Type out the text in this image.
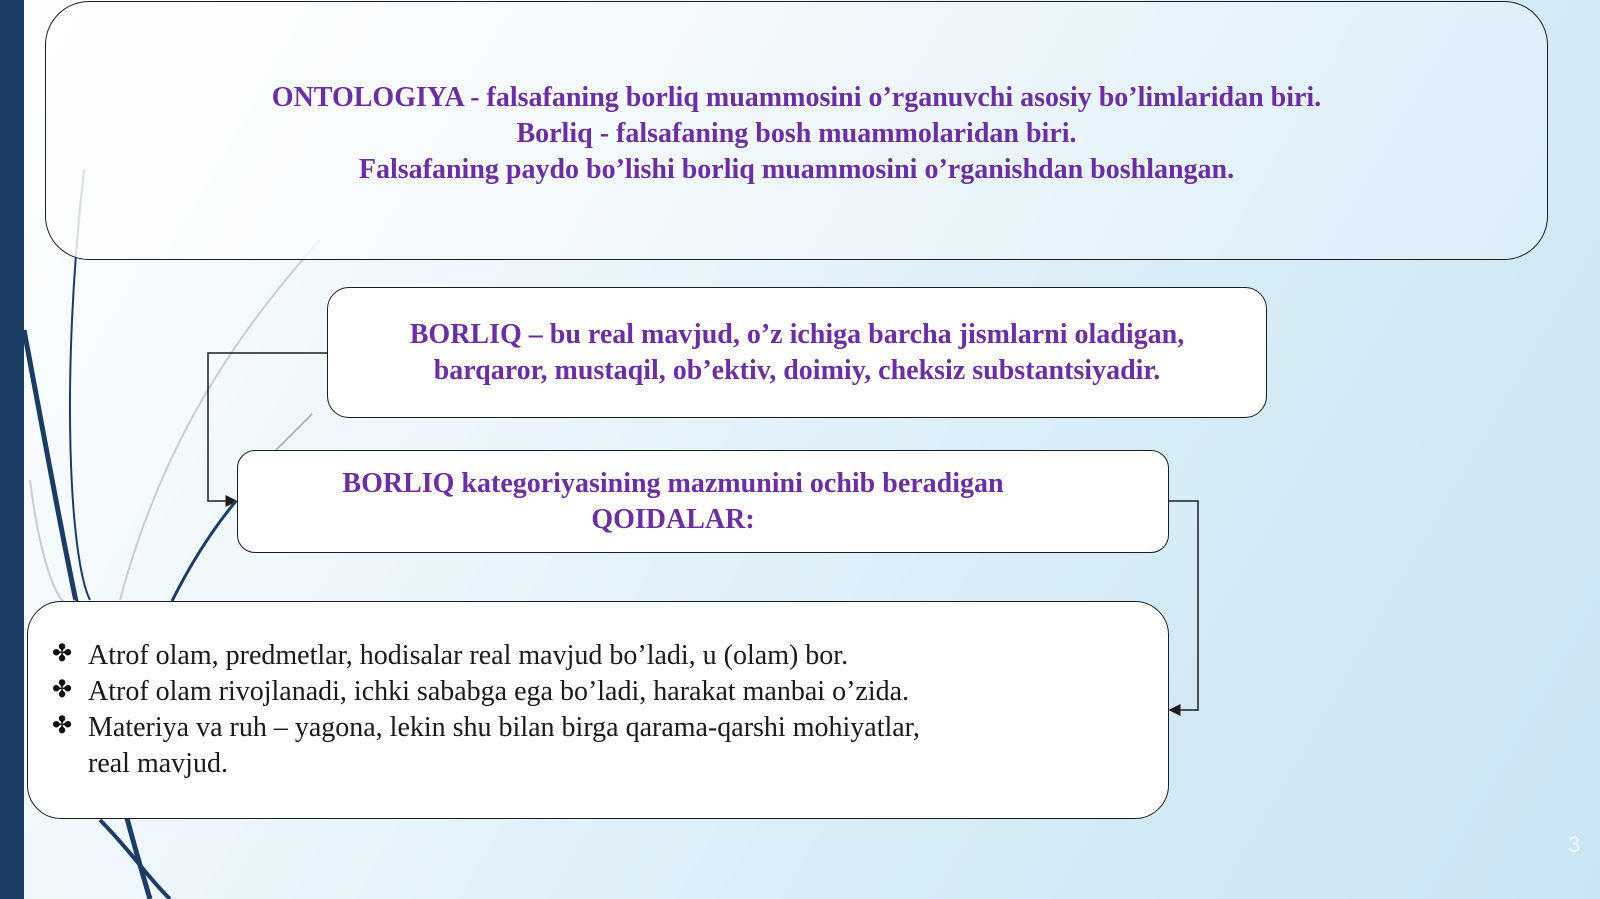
ONTOLOGIYA - falsafaning borliq muammosini o’rganuvchi asosiy bo’limlaridan biri.
Borliq - falsafaning bosh muammolaridan biri.
Falsafaning paydo bo’lishi borliq muammosini o’rganishdan boshlangan.
BORLIQ – bu real mavjud, o’z ichiga barcha jismlarni oladigan,
barqaror, mustaqil, ob’ektiv, doimiy, cheksiz substantsiyadir.
BORLIQ kategoriyasining mazmunini ochib beradigan
QOIDALAR:
✤ Atrof olam, predmetlar, hodisalar real mavjud bo’ladi, u (olam) bor.
✤ Atrof olam rivojlanadi, ichki sababga ega bo’ladi, harakat manbai o’zida.
✤ Materiya va ruh – yagona, lekin shu bilan birga qarama-qarshi mohiyatlar,
real mavjud.
3
